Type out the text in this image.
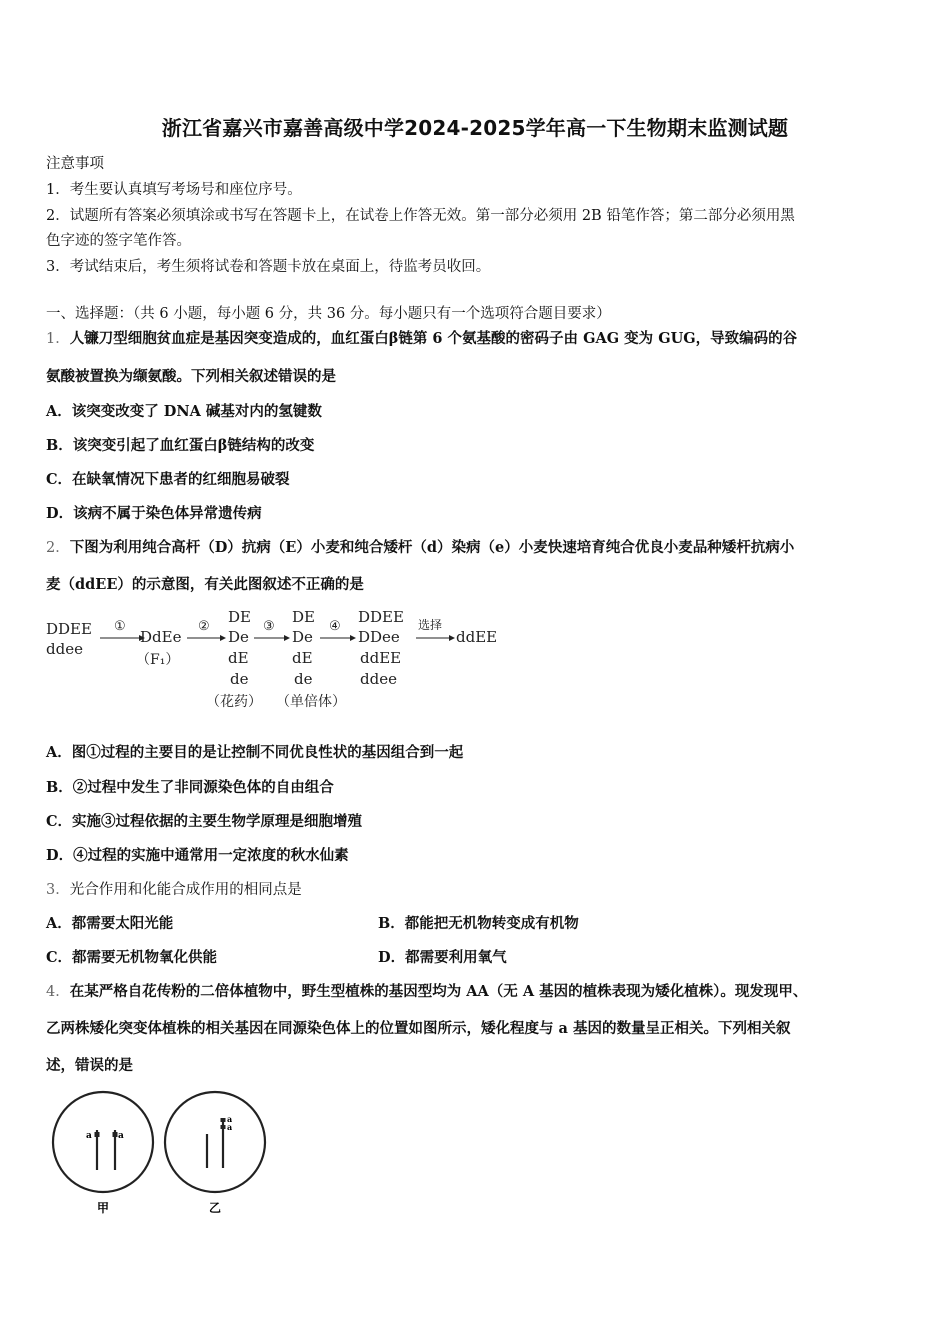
浙江省嘉兴市嘉善高级中学2024-2025学年高一下生物期末监测试题
注意事项
1．考生要认真填写考场号和座位序号。
2．试题所有答案必须填涂或书写在答题卡上，在试卷上作答无效。第一部分必须用 2B 铅笔作答；第二部分必须用黑
色字迹的签字笔作答。
3．考试结束后，考生须将试卷和答题卡放在桌面上，待监考员收回。
一、选择题：（共 6 小题，每小题 6 分，共 36 分。每小题只有一个选项符合题目要求）
1．人镰刀型细胞贫血症是基因突变造成的，血红蛋白β链第 6 个氨基酸的密码子由 GAG 变为 GUG，导致编码的谷
氨酸被置换为缬氨酸。下列相关叙述错误的是
A．该突变改变了 DNA 碱基对内的氢键数
B．该突变引起了血红蛋白β链结构的改变
C．在缺氧情况下患者的红细胞易破裂
D．该病不属于染色体异常遗传病
2．下图为利用纯合高杆（D）抗病（E）小麦和纯合矮杆（d）染病（e）小麦快速培育纯合优良小麦品种矮杆抗病小
麦（ddEE）的示意图，有关此图叙述不正确的是
DDEE
ddee
①
DdEe
（F₁）
②
DE
De
dE
de
（花药）
③
DE
De
dE
de
（单倍体）
④
DDEE
DDee
ddEE
ddee
选择
ddEE
A．图①过程的主要目的是让控制不同优良性状的基因组合到一起
B．②过程中发生了非同源染色体的自由组合
C．实施③过程依据的主要生物学原理是细胞增殖
D．④过程的实施中通常用一定浓度的秋水仙素
3．光合作用和化能合成作用的相同点是
A．都需要太阳光能	B．都能把无机物转变成有机物
C．都需要无机物氧化供能	D．都需要利用氧气
4．在某严格自花传粉的二倍体植物中，野生型植株的基因型均为 AA（无 A 基因的植株表现为矮化植株）。现发现甲、
乙两株矮化突变体植株的相关基因在同源染色体上的位置如图所示，矮化程度与 a 基因的数量呈正相关。下列相关叙
述，错误的是
a	a
甲
a
a
乙
